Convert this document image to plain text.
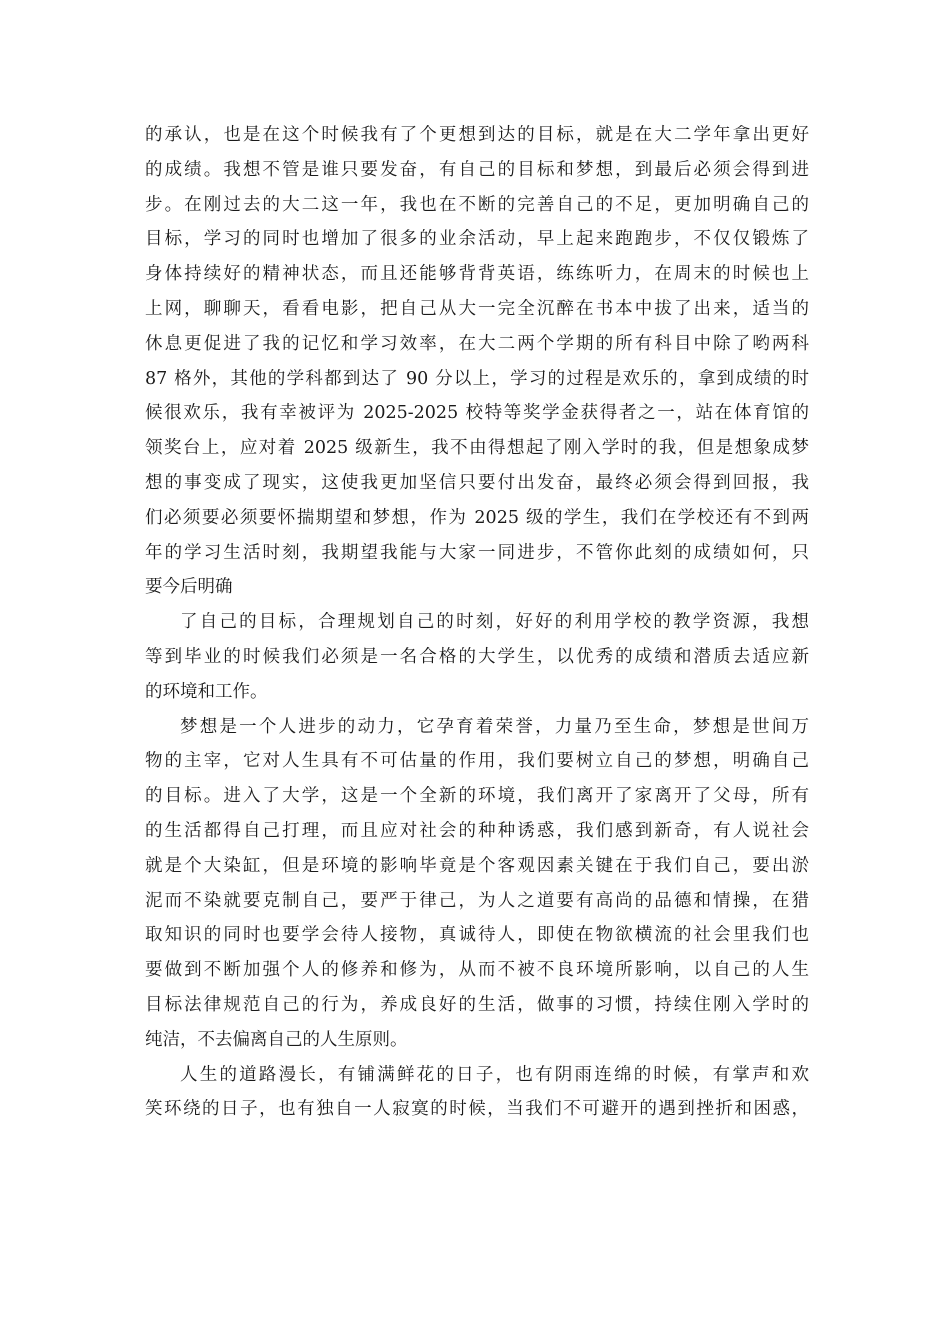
的承认，也是在这个时候我有了个更想到达的目标，就是在大二学年拿出更好
的成绩。我想不管是谁只要发奋，有自己的目标和梦想，到最后必须会得到进
步。在刚过去的大二这一年，我也在不断的完善自己的不足，更加明确自己的
目标，学习的同时也增加了很多的业余活动，早上起来跑跑步，不仅仅锻炼了
身体持续好的精神状态，而且还能够背背英语，练练听力，在周末的时候也上
上网，聊聊天，看看电影，把自己从大一完全沉醉在书本中拔了出来，适当的
休息更促进了我的记忆和学习效率，在大二两个学期的所有科目中除了哟两科
87 格外，其他的学科都到达了 90 分以上，学习的过程是欢乐的，拿到成绩的时
候很欢乐，我有幸被评为 2025-2025 校特等奖学金获得者之一，站在体育馆的
领奖台上，应对着 2025 级新生，我不由得想起了刚入学时的我，但是想象成梦
想的事变成了现实，这使我更加坚信只要付出发奋，最终必须会得到回报，我
们必须要必须要怀揣期望和梦想，作为 2025 级的学生，我们在学校还有不到两
年的学习生活时刻，我期望我能与大家一同进步，不管你此刻的成绩如何，只
要今后明确
了自己的目标，合理规划自己的时刻，好好的利用学校的教学资源，我想
等到毕业的时候我们必须是一名合格的大学生，以优秀的成绩和潜质去适应新
的环境和工作。
梦想是一个人进步的动力，它孕育着荣誉，力量乃至生命，梦想是世间万
物的主宰，它对人生具有不可估量的作用，我们要树立自己的梦想，明确自己
的目标。进入了大学，这是一个全新的环境，我们离开了家离开了父母，所有
的生活都得自己打理，而且应对社会的种种诱惑，我们感到新奇，有人说社会
就是个大染缸，但是环境的影响毕竟是个客观因素关键在于我们自己，要出淤
泥而不染就要克制自己，要严于律己，为人之道要有高尚的品德和情操，在猎
取知识的同时也要学会待人接物，真诚待人，即使在物欲横流的社会里我们也
要做到不断加强个人的修养和修为，从而不被不良环境所影响，以自己的人生
目标法律规范自己的行为，养成良好的生活，做事的习惯，持续住刚入学时的
纯洁，不去偏离自己的人生原则。
人生的道路漫长，有铺满鲜花的日子，也有阴雨连绵的时候，有掌声和欢
笑环绕的日子，也有独自一人寂寞的时候，当我们不可避开的遇到挫折和困惑，
